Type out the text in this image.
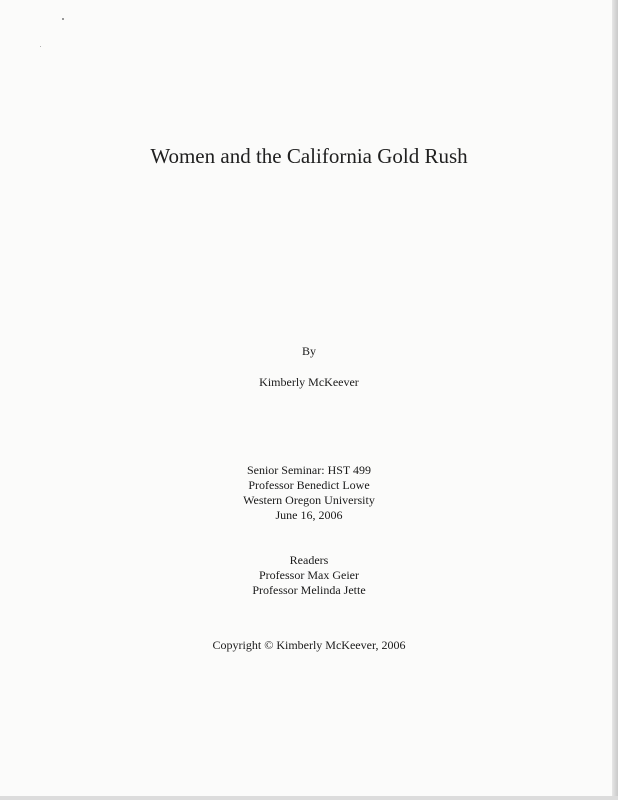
Women and the California Gold Rush
By
Kimberly McKeever
Senior Seminar: HST 499
Professor Benedict Lowe
Western Oregon University
June 16, 2006
Readers
Professor Max Geier
Professor Melinda Jette
Copyright © Kimberly McKeever, 2006
